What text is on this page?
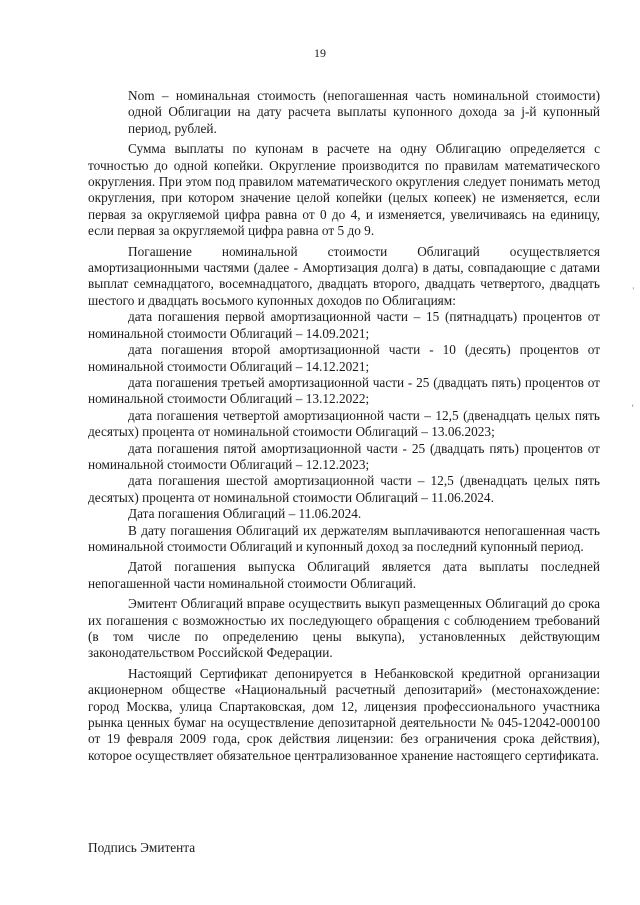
19

Nom – номинальная стоимость (непогашенная часть номинальной стоимости) одной Облигации на дату расчета выплаты купонного дохода за j-й купонный период, рублей.

Сумма выплаты по купонам в расчете на одну Облигацию определяется с точностью до одной копейки. Округление производится по правилам математического округления. При этом под правилом математического округления следует понимать метод округления, при котором значение целой копейки (целых копеек) не изменяется, если первая за округляемой цифра равна от 0 до 4, и изменяется, увеличиваясь на единицу, если первая за округляемой цифра равна от 5 до 9.

Погашение номинальной стоимости Облигаций осуществляется амортизационными частями (далее - Амортизация долга) в даты, совпадающие с датами выплат семнадцатого, восемнадцатого, двадцать второго, двадцать четвертого, двадцать шестого и двадцать восьмого купонных доходов по Облигациям:

дата погашения первой амортизационной части – 15 (пятнадцать) процентов от номинальной стоимости Облигаций – 14.09.2021;

дата погашения второй амортизационной части - 10 (десять) процентов от номинальной стоимости Облигаций – 14.12.2021;

дата погашения третьей амортизационной части - 25 (двадцать пять) процентов от номинальной стоимости Облигаций – 13.12.2022;

дата погашения четвертой амортизационной части – 12,5 (двенадцать целых пять десятых) процента от номинальной стоимости Облигаций – 13.06.2023;

дата погашения пятой амортизационной части - 25 (двадцать пять) процентов от номинальной стоимости Облигаций – 12.12.2023;

дата погашения шестой амортизационной части – 12,5 (двенадцать целых пять десятых) процента от номинальной стоимости Облигаций – 11.06.2024.

Дата погашения Облигаций – 11.06.2024.

В дату погашения Облигаций их держателям выплачиваются непогашенная часть номинальной стоимости Облигаций и купонный доход за последний купонный период.

Датой погашения выпуска Облигаций является дата выплаты последней непогашенной части номинальной стоимости Облигаций.

Эмитент Облигаций вправе осуществить выкуп размещенных Облигаций до срока их погашения с возможностью их последующего обращения с соблюдением требований (в том числе по определению цены выкупа), установленных действующим законодательством Российской Федерации.

Настоящий Сертификат депонируется в Небанковской кредитной организации акционерном обществе «Национальный расчетный депозитарий» (местонахождение: город Москва, улица Спартаковская, дом 12, лицензия профессионального участника рынка ценных бумаг на осуществление депозитарной деятельности № 045-12042-000100 от 19 февраля 2009 года, срок действия лицензии: без ограничения срока действия), которое осуществляет обязательное централизованное хранение настоящего сертификата.

'
‘
Подпись Эмитента
